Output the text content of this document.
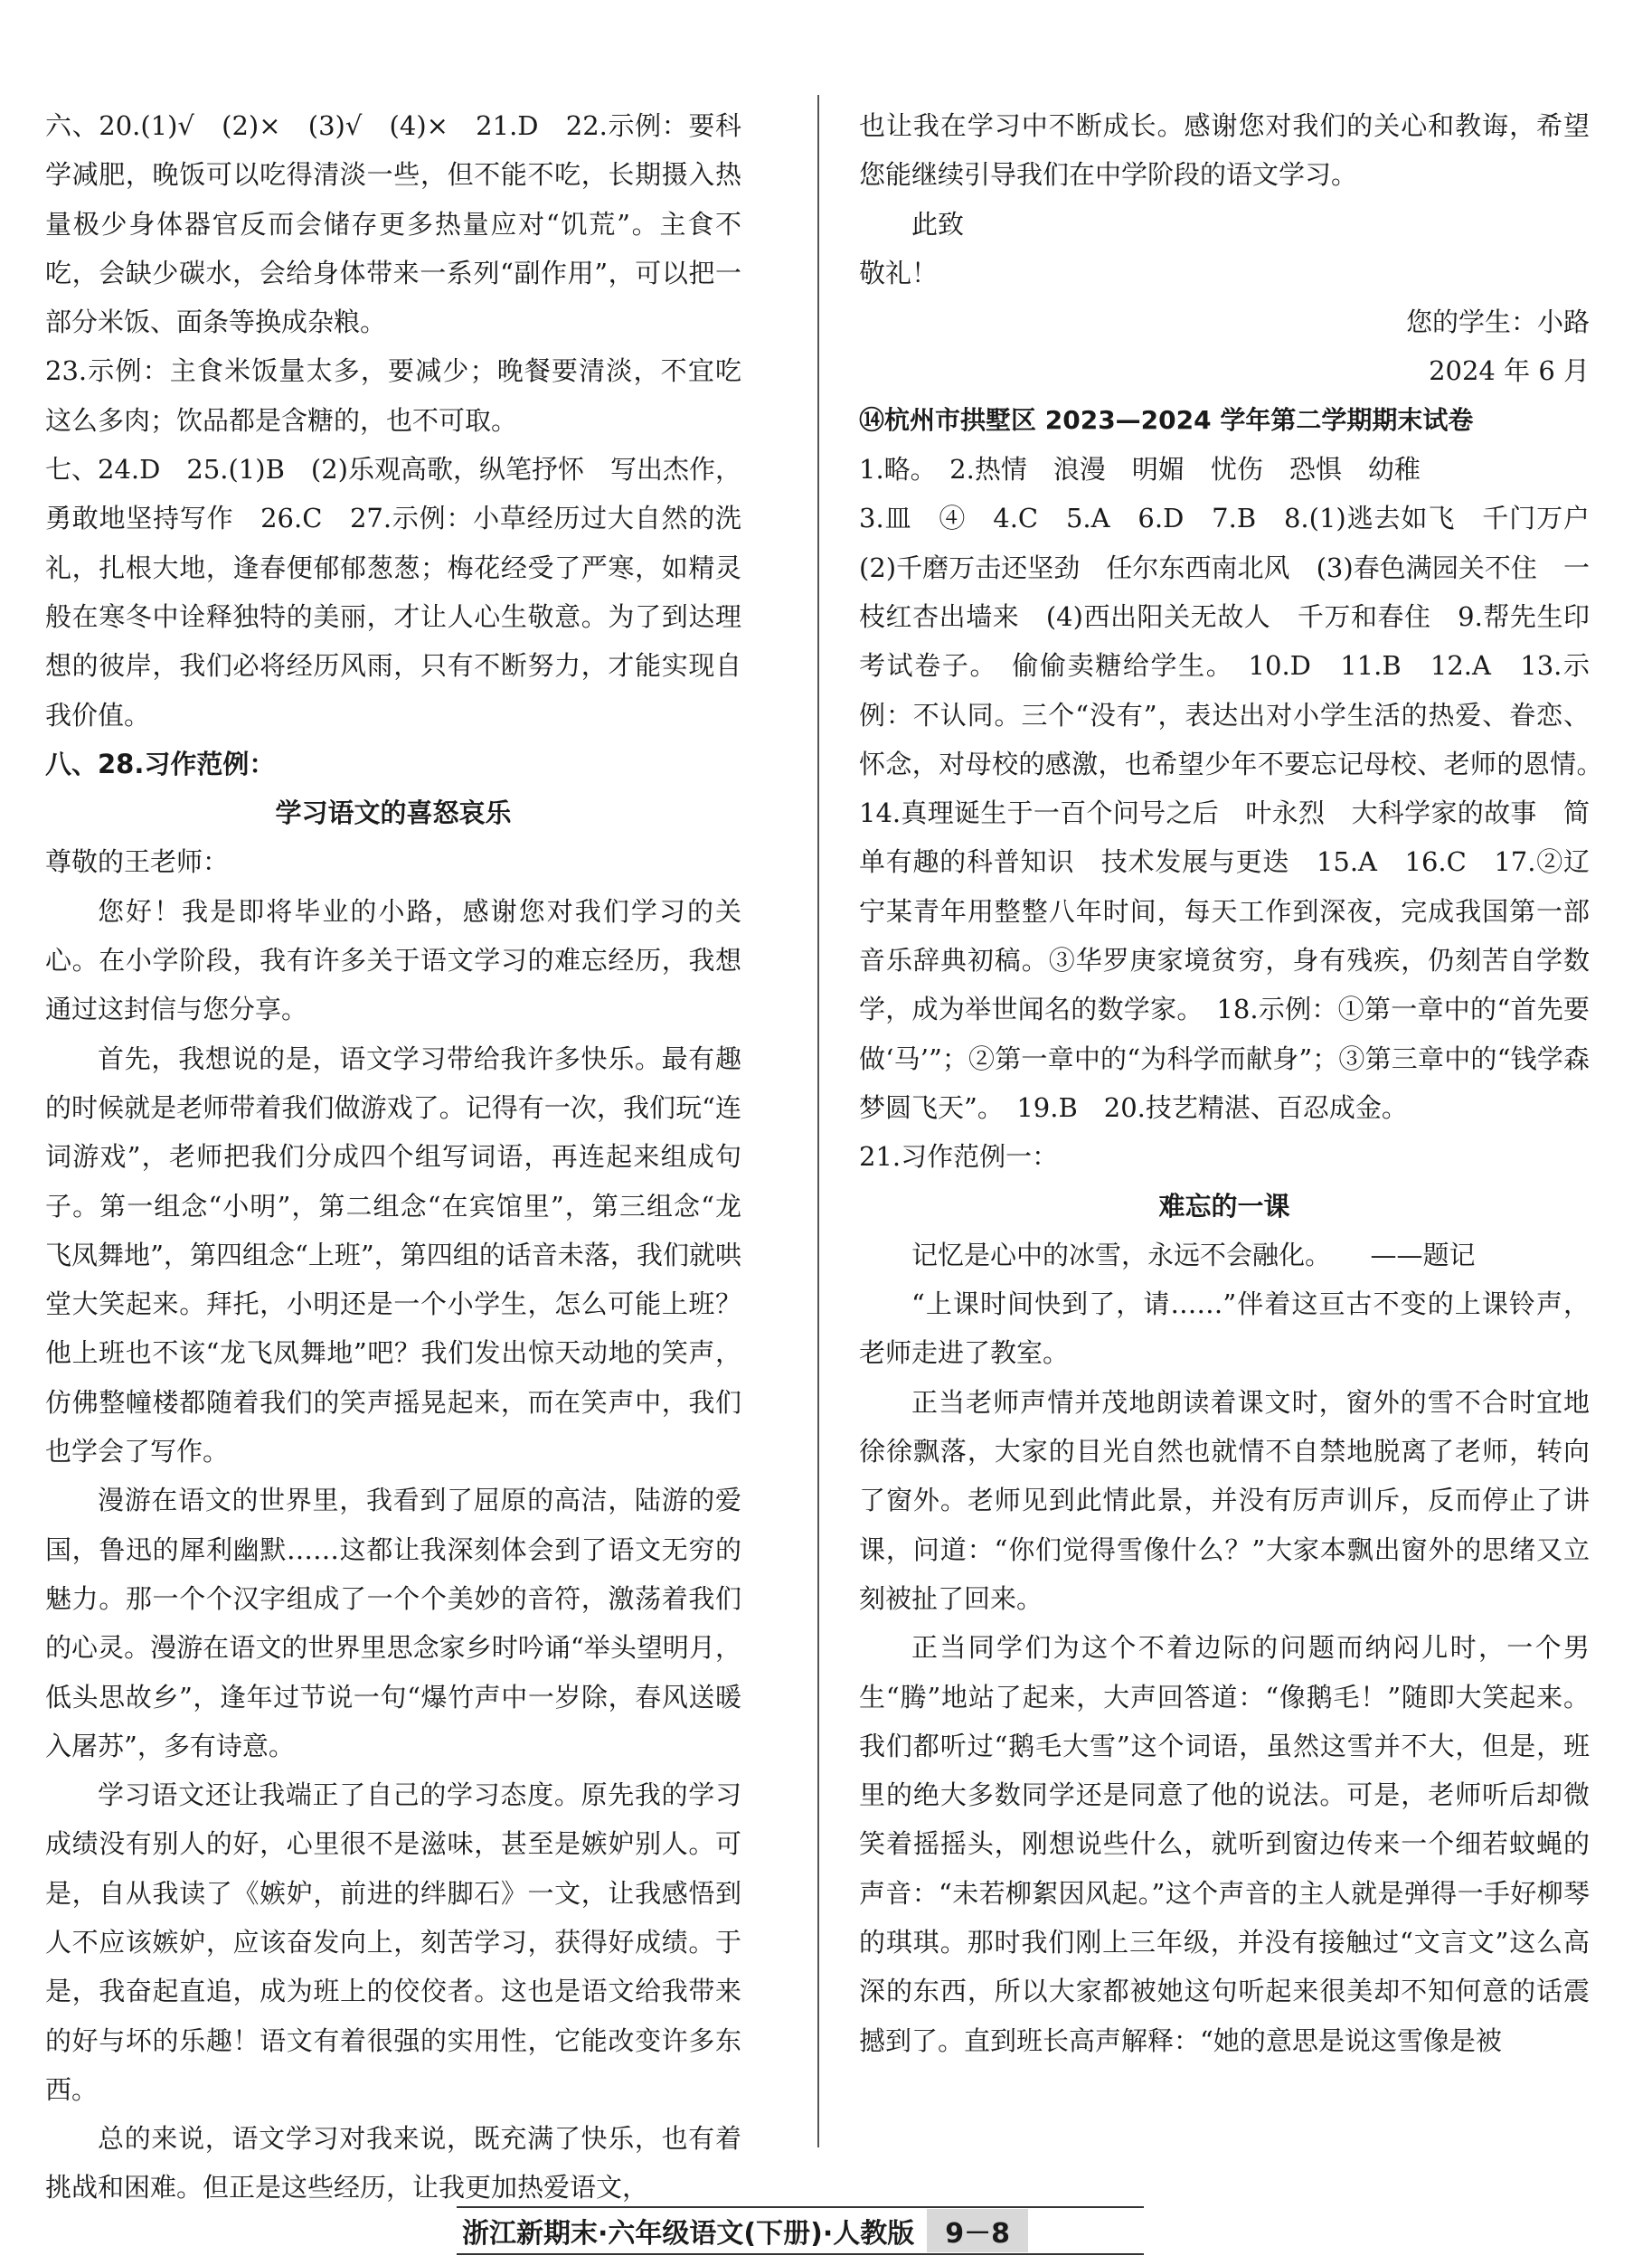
六、20.(1)√　(2)×　(3)√　(4)×　21.D　22.示例：要科学减肥，晚饭可以吃得清淡一些，但不能不吃，长期摄入热量极少身体器官反而会储存更多热量应对“饥荒”。主食不吃，会缺少碳水，会给身体带来一系列“副作用”，可以把一部分米饭、面条等换成杂粮。

23.示例：主食米饭量太多，要减少；晚餐要清淡，不宜吃这么多肉；饮品都是含糖的，也不可取。

七、24.D　25.(1)B　(2)乐观高歌，纵笔抒怀　写出杰作，勇敢地坚持写作　26.C　27.示例：小草经历过大自然的洗礼，扎根大地，逢春便郁郁葱葱；梅花经受了严寒，如精灵般在寒冬中诠释独特的美丽，才让人心生敬意。为了到达理想的彼岸，我们必将经历风雨，只有不断努力，才能实现自我价值。

八、28.习作范例：

学习语文的喜怒哀乐

尊敬的王老师：

您好！我是即将毕业的小路，感谢您对我们学习的关心。在小学阶段，我有许多关于语文学习的难忘经历，我想通过这封信与您分享。

首先，我想说的是，语文学习带给我许多快乐。最有趣的时候就是老师带着我们做游戏了。记得有一次，我们玩“连词游戏”，老师把我们分成四个组写词语，再连起来组成句子。第一组念“小明”，第二组念“在宾馆里”，第三组念“龙飞凤舞地”，第四组念“上班”，第四组的话音未落，我们就哄堂大笑起来。拜托，小明还是一个小学生，怎么可能上班？他上班也不该“龙飞凤舞地”吧？我们发出惊天动地的笑声，仿佛整幢楼都随着我们的笑声摇晃起来，而在笑声中，我们也学会了写作。

漫游在语文的世界里，我看到了屈原的高洁，陆游的爱国，鲁迅的犀利幽默……这都让我深刻体会到了语文无穷的魅力。那一个个汉字组成了一个个美妙的音符，激荡着我们的心灵。漫游在语文的世界里思念家乡时吟诵“举头望明月，低头思故乡”，逢年过节说一句“爆竹声中一岁除，春风送暖入屠苏”，多有诗意。

学习语文还让我端正了自己的学习态度。原先我的学习成绩没有别人的好，心里很不是滋味，甚至是嫉妒别人。可是，自从我读了《嫉妒，前进的绊脚石》一文，让我感悟到人不应该嫉妒，应该奋发向上，刻苦学习，获得好成绩。于是，我奋起直追，成为班上的佼佼者。这也是语文给我带来的好与坏的乐趣！语文有着很强的实用性，它能改变许多东西。

总的来说，语文学习对我来说，既充满了快乐，也有着挑战和困难。但正是这些经历，让我更加热爱语文，

也让我在学习中不断成长。感谢您对我们的关心和教诲，希望您能继续引导我们在中学阶段的语文学习。

此致

敬礼！

您的学生：小路

2024 年 6 月

⑭杭州市拱墅区 2023—2024 学年第二学期期末试卷

1.略。　2.热情　浪漫　明媚　忧伤　恐惧　幼稚

3.皿　④　4.C　5.A　6.D　7.B　8.(1)逃去如飞　千门万户　(2)千磨万击还坚劲　任尔东西南北风　(3)春色满园关不住　一枝红杏出墙来　(4)西出阳关无故人　千万和春住　9.帮先生印考试卷子。　偷偷卖糖给学生。　10.D　11.B　12.A　13.示例：不认同。三个“没有”，表达出对小学生活的热爱、眷恋、怀念，对母校的感激，也希望少年不要忘记母校、老师的恩情。　14.真理诞生于一百个问号之后　叶永烈　大科学家的故事　简单有趣的科普知识　技术发展与更迭　15.A　16.C　17.②辽宁某青年用整整八年时间，每天工作到深夜，完成我国第一部音乐辞典初稿。③华罗庚家境贫穷，身有残疾，仍刻苦自学数学，成为举世闻名的数学家。　18.示例：①第一章中的“首先要做‘马’”；②第一章中的“为科学而献身”；③第三章中的“钱学森梦圆飞天”。　19.B　20.技艺精湛、百忍成金。

21.习作范例一：

难忘的一课

记忆是心中的冰雪，永远不会融化。　　——题记

“上课时间快到了，请……”伴着这亘古不变的上课铃声，老师走进了教室。

正当老师声情并茂地朗读着课文时，窗外的雪不合时宜地徐徐飘落，大家的目光自然也就情不自禁地脱离了老师，转向了窗外。老师见到此情此景，并没有厉声训斥，反而停止了讲课，问道：“你们觉得雪像什么？”大家本飘出窗外的思绪又立刻被扯了回来。

正当同学们为这个不着边际的问题而纳闷儿时，一个男生“腾”地站了起来，大声回答道：“像鹅毛！”随即大笑起来。我们都听过“鹅毛大雪”这个词语，虽然这雪并不大，但是，班里的绝大多数同学还是同意了他的说法。可是，老师听后却微笑着摇摇头，刚想说些什么，就听到窗边传来一个细若蚊蝇的声音：“未若柳絮因风起。”这个声音的主人就是弹得一手好柳琴的琪琪。那时我们刚上三年级，并没有接触过“文言文”这么高深的东西，所以大家都被她这句听起来很美却不知何意的话震撼到了。直到班长高声解释：“她的意思是说这雪像是被

浙江新期末·六年级语文(下册)·人教版	9－8
